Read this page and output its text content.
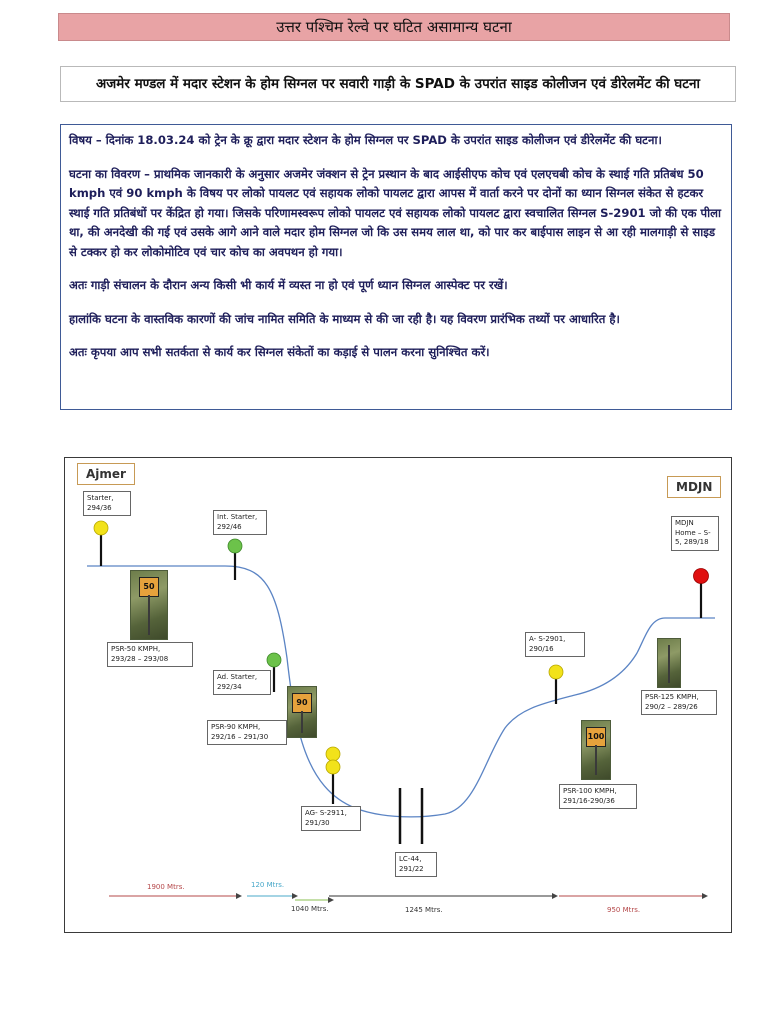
उत्तर पश्चिम रेल्वे पर घटित असामान्य घटना
अजमेर मण्डल में मदार स्टेशन के होम सिग्नल पर सवारी गाड़ी के SPAD के उपरांत साइड कोलीजन एवं डीरेलमेंट की घटना

विषय – दिनांक 18.03.24 को ट्रेन के क्रू द्वारा मदार स्टेशन के होम सिग्नल पर SPAD के उपरांत साइड कोलीजन एवं डीरेलमेंट की घटना।

घटना का विवरण – प्राथमिक जानकारी के अनुसार अजमेर जंक्शन से ट्रेन प्रस्थान के बाद आईसीएफ कोच एवं एलएचबी कोच के स्थाई गति प्रतिबंध 50 kmph एवं 90 kmph के विषय पर लोको पायलट एवं सहायक लोको पायलट द्वारा आपस में वार्ता करने पर दोनों का ध्यान सिग्नल संकेत से हटकर स्थाई गति प्रतिबंधों पर केंद्रित हो गया। जिसके परिणामस्वरूप लोको पायलट एवं सहायक लोको पायलट द्वारा स्वचालित सिग्नल S-2901 जो की एक पीला था, की अनदेखी की गई एवं उसके आगे आने वाले मदार होम सिग्नल जो कि उस समय लाल था, को पार कर बाईपास लाइन से आ रही मालगाड़ी से साइड से टक्कर हो कर लोकोमोटिव एवं चार कोच का अवपथन हो गया।

अतः गाड़ी संचालन के दौरान अन्य किसी भी कार्य में व्यस्त ना हो एवं पूर्ण ध्यान सिग्नल आस्पेक्ट पर रखें।

हालांकि घटना के वास्तविक कारणों की जांच नामित समिति के माध्यम से की जा रही है। यह विवरण प्रारंभिक तथ्यों पर आधारित है।

अतः कृपया आप सभी सतर्कता से कार्य कर सिग्नल संकेतों का कड़ाई से पालन करना सुनिश्चित करें।

Ajmer
MDJN
Starter,
294/36
Int. Starter,
292/46
Ad. Starter,
292/34
AG- S-2911,
291/30
A- S-2901,
290/16
MDJN
Home – S-
5, 289/18
50
PSR-50 KMPH,
293/28 – 293/08
90
PSR-90 KMPH,
292/16 – 291/30	100
PSR-100 KMPH,
291/16-290/36
PSR-125 KMPH,
290/2 – 289/26
LC-44,
291/22
1900 Mtrs.	120 Mtrs.
1040 Mtrs.	1245 Mtrs.	950 Mtrs.
